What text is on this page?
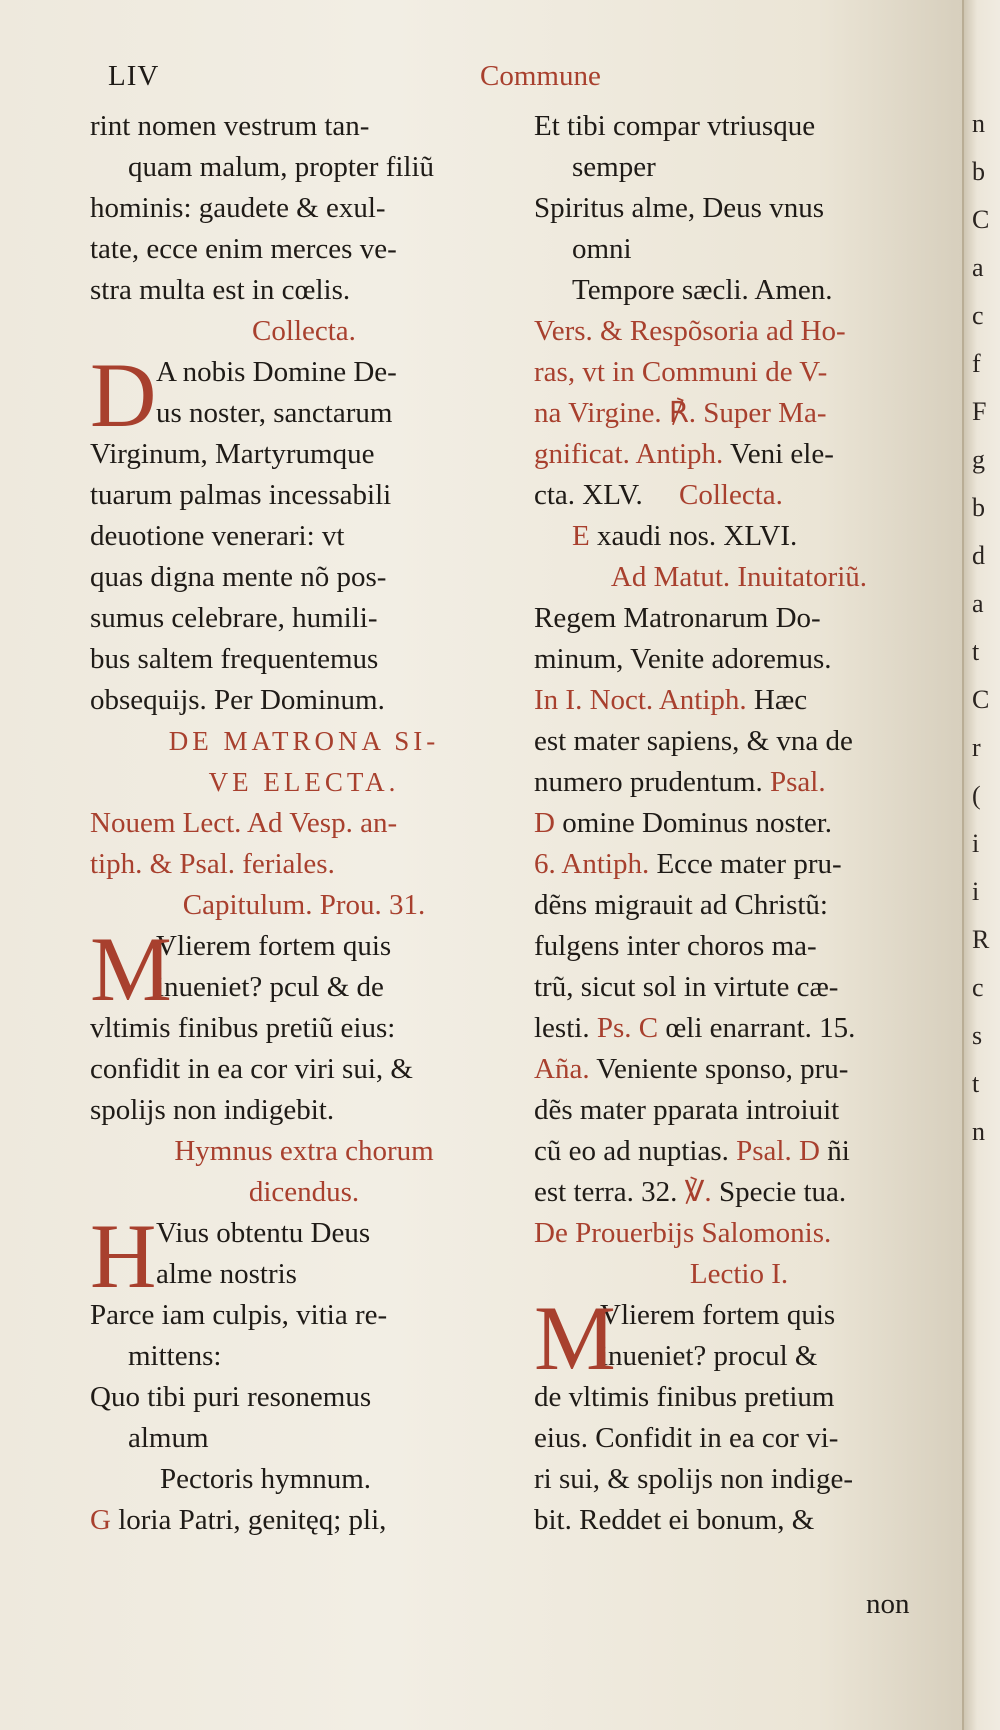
LIV	Commune
rint nomen vestrum tan-
quam malum, propter filiũ
hominis: gaudete & exul-
tate, ecce enim merces ve-
stra multa est in cœlis.
Collecta.
D A nobis Domine De-
us noster, sanctarum
Virginum, Martyrumque
tuarum palmas incessabili
deuotione venerari: vt
quas digna mente nõ pos-
sumus celebrare, humili-
bus saltem frequentemus
obsequijs. Per Dominum.
DE MATRONA SI-
VE ELECTA.
Nouem Lect. Ad Vesp. an-
tiph. & Psal. feriales.
Capitulum. Prou. 31.
M
Vlierem fortem quis
inueniet? pcul & de
vltimis finibus pretiũ eius:
confidit in ea cor viri sui, &
spolijs non indigebit.
Hymnus extra chorum
dicendus.
H Vius obtentu Deus
alme nostris
Parce iam culpis, vitia re-
mittens:
Quo tibi puri resonemus
almum
Pectoris hymnum.
G loria Patri, genitęq; pli,
Et tibi compar vtriusque
semper
Spiritus alme, Deus vnus
omni
Tempore sæcli. Amen.
Vers. & Respõsoria ad Ho-
ras, vt in Communi de V-
na Virgine. ℟. Super Ma-
gnificat. Antiph. Veni ele-
cta. XLV. Collecta.
E xaudi nos. XLVI.
Ad Matut. Inuitatoriũ.
Regem Matronarum Do-
minum, Venite adoremus.
In I. Noct. Antiph. Hæc
est mater sapiens, & vna de
numero prudentum. Psal.
D omine Dominus noster.
6. Antiph. Ecce mater pru-
dẽns migrauit ad Christũ:
fulgens inter choros ma-
trũ, sicut sol in virtute cæ-
lesti. Ps. C œli enarrant. 15.
Aña. Veniente sponso, pru-
dẽs mater pparata introiuit
cũ eo ad nuptias. Psal. D ñi
est terra. 32. ℣. Specie tua.
De Prouerbijs Salomonis.
Lectio I.
M
Vlierem fortem quis
inueniet? procul &
de vltimis finibus pretium
eius. Confidit in ea cor vi-
ri sui, & spolijs non indige-
bit. Reddet ei bonum, &
non
n
b
C
a
c
f
F
g
b
d
a
t
C
r
(
i
i
R
c
s
t
n
